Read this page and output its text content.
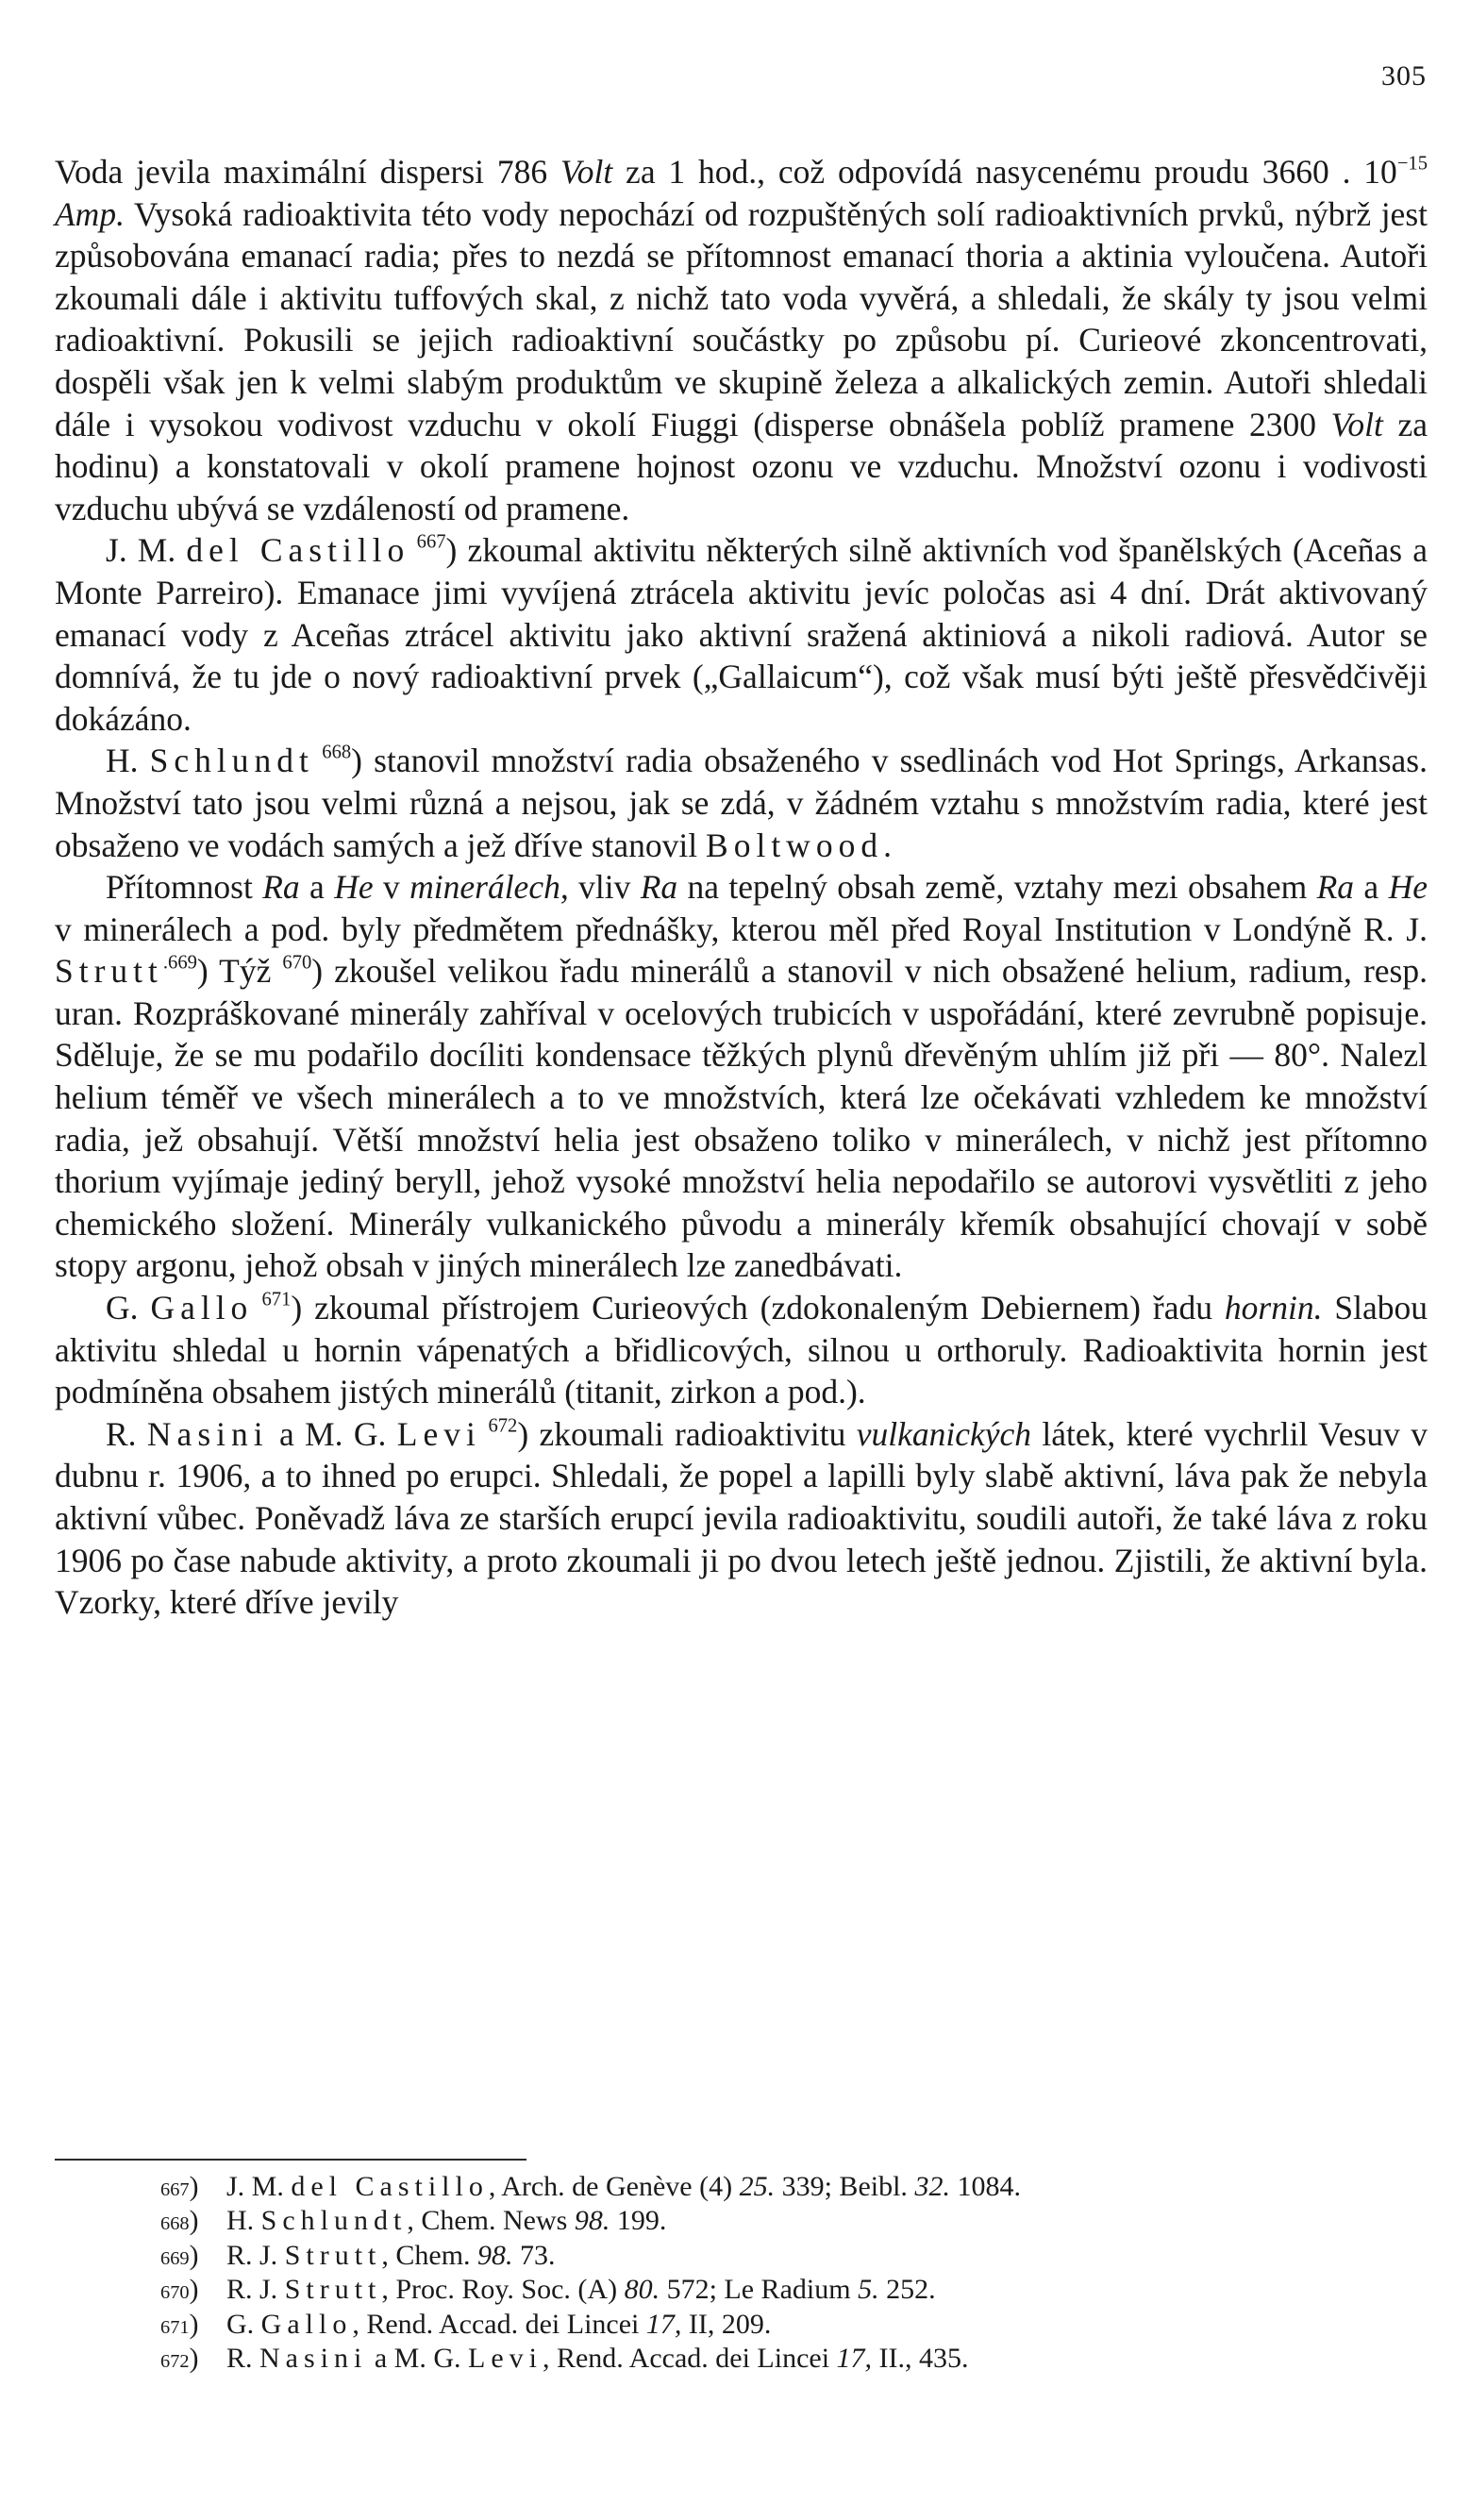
305

Voda jevila maximální dispersi 786 Volt za 1 hod., což odpovídá nasycenému proudu 3660 . $10^{-15}$ Amp. Vysoká radioaktivita této vody nepochází od rozpuštěných solí radioaktivních prvků, nýbrž jest způsobována emanací radia; přes to nezdá se přítomnost emanací thoria a aktinia vyloučena. Autoři zkoumali dále i aktivitu tuffových skal, z nichž tato voda vyvěrá, a shledali, že skály ty jsou velmi radioaktivní. Pokusili se jejich radioaktivní součástky po způsobu pí. Curieové zkoncentrovati, dospěli však jen k velmi slabým produktům ve skupině železa a alkalických zemin. Autoři shledali dále i vysokou vodivost vzduchu v okolí Fiuggi (disperse obnášela poblíž pramene 2300 Volt za hodinu) a konstatovali v okolí pramene hojnost ozonu ve vzduchu. Množství ozonu i vodivosti vzduchu ubývá se vzdáleností od pramene.

J. M. del Castillo $^{667}$) zkoumal aktivitu některých silně aktivních vod španělských (Aceñas a Monte Parreiro). Emanace jimi vyvíjená ztrácela aktivitu jevíc poločas asi 4 dní. Drát aktivovaný emanací vody z Aceñas ztrácel aktivitu jako aktivní sražená aktiniová a nikoli radiová. Autor se domnívá, že tu jde o nový radioaktivní prvek („Gallaicum“), což však musí býti ještě přesvědčivěji dokázáno.

H. Schlundt $^{668}$) stanovil množství radia obsaženého v ssedlinách vod Hot Springs, Arkansas. Množství tato jsou velmi různá a nejsou, jak se zdá, v žádném vztahu s množstvím radia, které jest obsaženo ve vodách samých a jež dříve stanovil Boltwood.

Přítomnost Ra a He v minerálech, vliv Ra na tepelný obsah země, vztahy mezi obsahem Ra a He v minerálech a pod. byly předmětem přednášky, kterou měl před Royal Institution v Londýně R. J. Strutt$^{.669}$) Týž $^{670}$) zkoušel velikou řadu minerálů a stanovil v nich obsažené helium, radium, resp. uran. Rozpráškované minerály zahříval v ocelových trubicích v uspořádání, které zevrubně popisuje. Sděluje, že se mu podařilo docíliti kondensace těžkých plynů dřevěným uhlím již při — 80°. Nalezl helium téměř ve všech minerálech a to ve množstvích, která lze očekávati vzhledem ke množství radia, jež obsahují. Větší množství helia jest obsaženo toliko v minerálech, v nichž jest přítomno thorium vyjímaje jediný beryll, jehož vysoké množství helia nepodařilo se autorovi vysvětliti z jeho chemického složení. Minerály vulkanického původu a minerály křemík obsahující chovají v sobě stopy argonu, jehož obsah v jiných minerálech lze zanedbávati.

G. Gallo $^{671}$) zkoumal přístrojem Curieových (zdokonaleným Debiernem) řadu hornin. Slabou aktivitu shledal u hornin vápenatých a břidlicových, silnou u orthoruly. Radioaktivita hornin jest podmíněna obsahem jistých minerálů (titanit, zirkon a pod.).

R. Nasini a M. G. Levi $^{672}$) zkoumali radioaktivitu vulkanických látek, které vychrlil Vesuv v dubnu r. 1906, a to ihned po erupci. Shledali, že popel a lapilli byly slabě aktivní, láva pak že nebyla aktivní vůbec. Poněvadž láva ze starších erupcí jevila radioaktivitu, soudili autoři, že také láva z roku 1906 po čase nabude aktivity, a proto zkoumali ji po dvou letech ještě jednou. Zjistili, že aktivní byla. Vzorky, které dříve jevily

667 )	J. M. del Castillo, Arch. de Genève (4) 25. 339; Beibl. 32. 1084.
668 )	H. Schlundt, Chem. News 98. 199.
669 )	R. J. Strutt, Chem. 98. 73.
670 )	R. J. Strutt, Proc. Roy. Soc. (A) 80. 572; Le Radium 5. 252.
671 )	G. Gallo, Rend. Accad. dei Lincei 17, II, 209.
672 )	R. Nasini a M. G. Levi, Rend. Accad. dei Lincei 17, II., 435.
